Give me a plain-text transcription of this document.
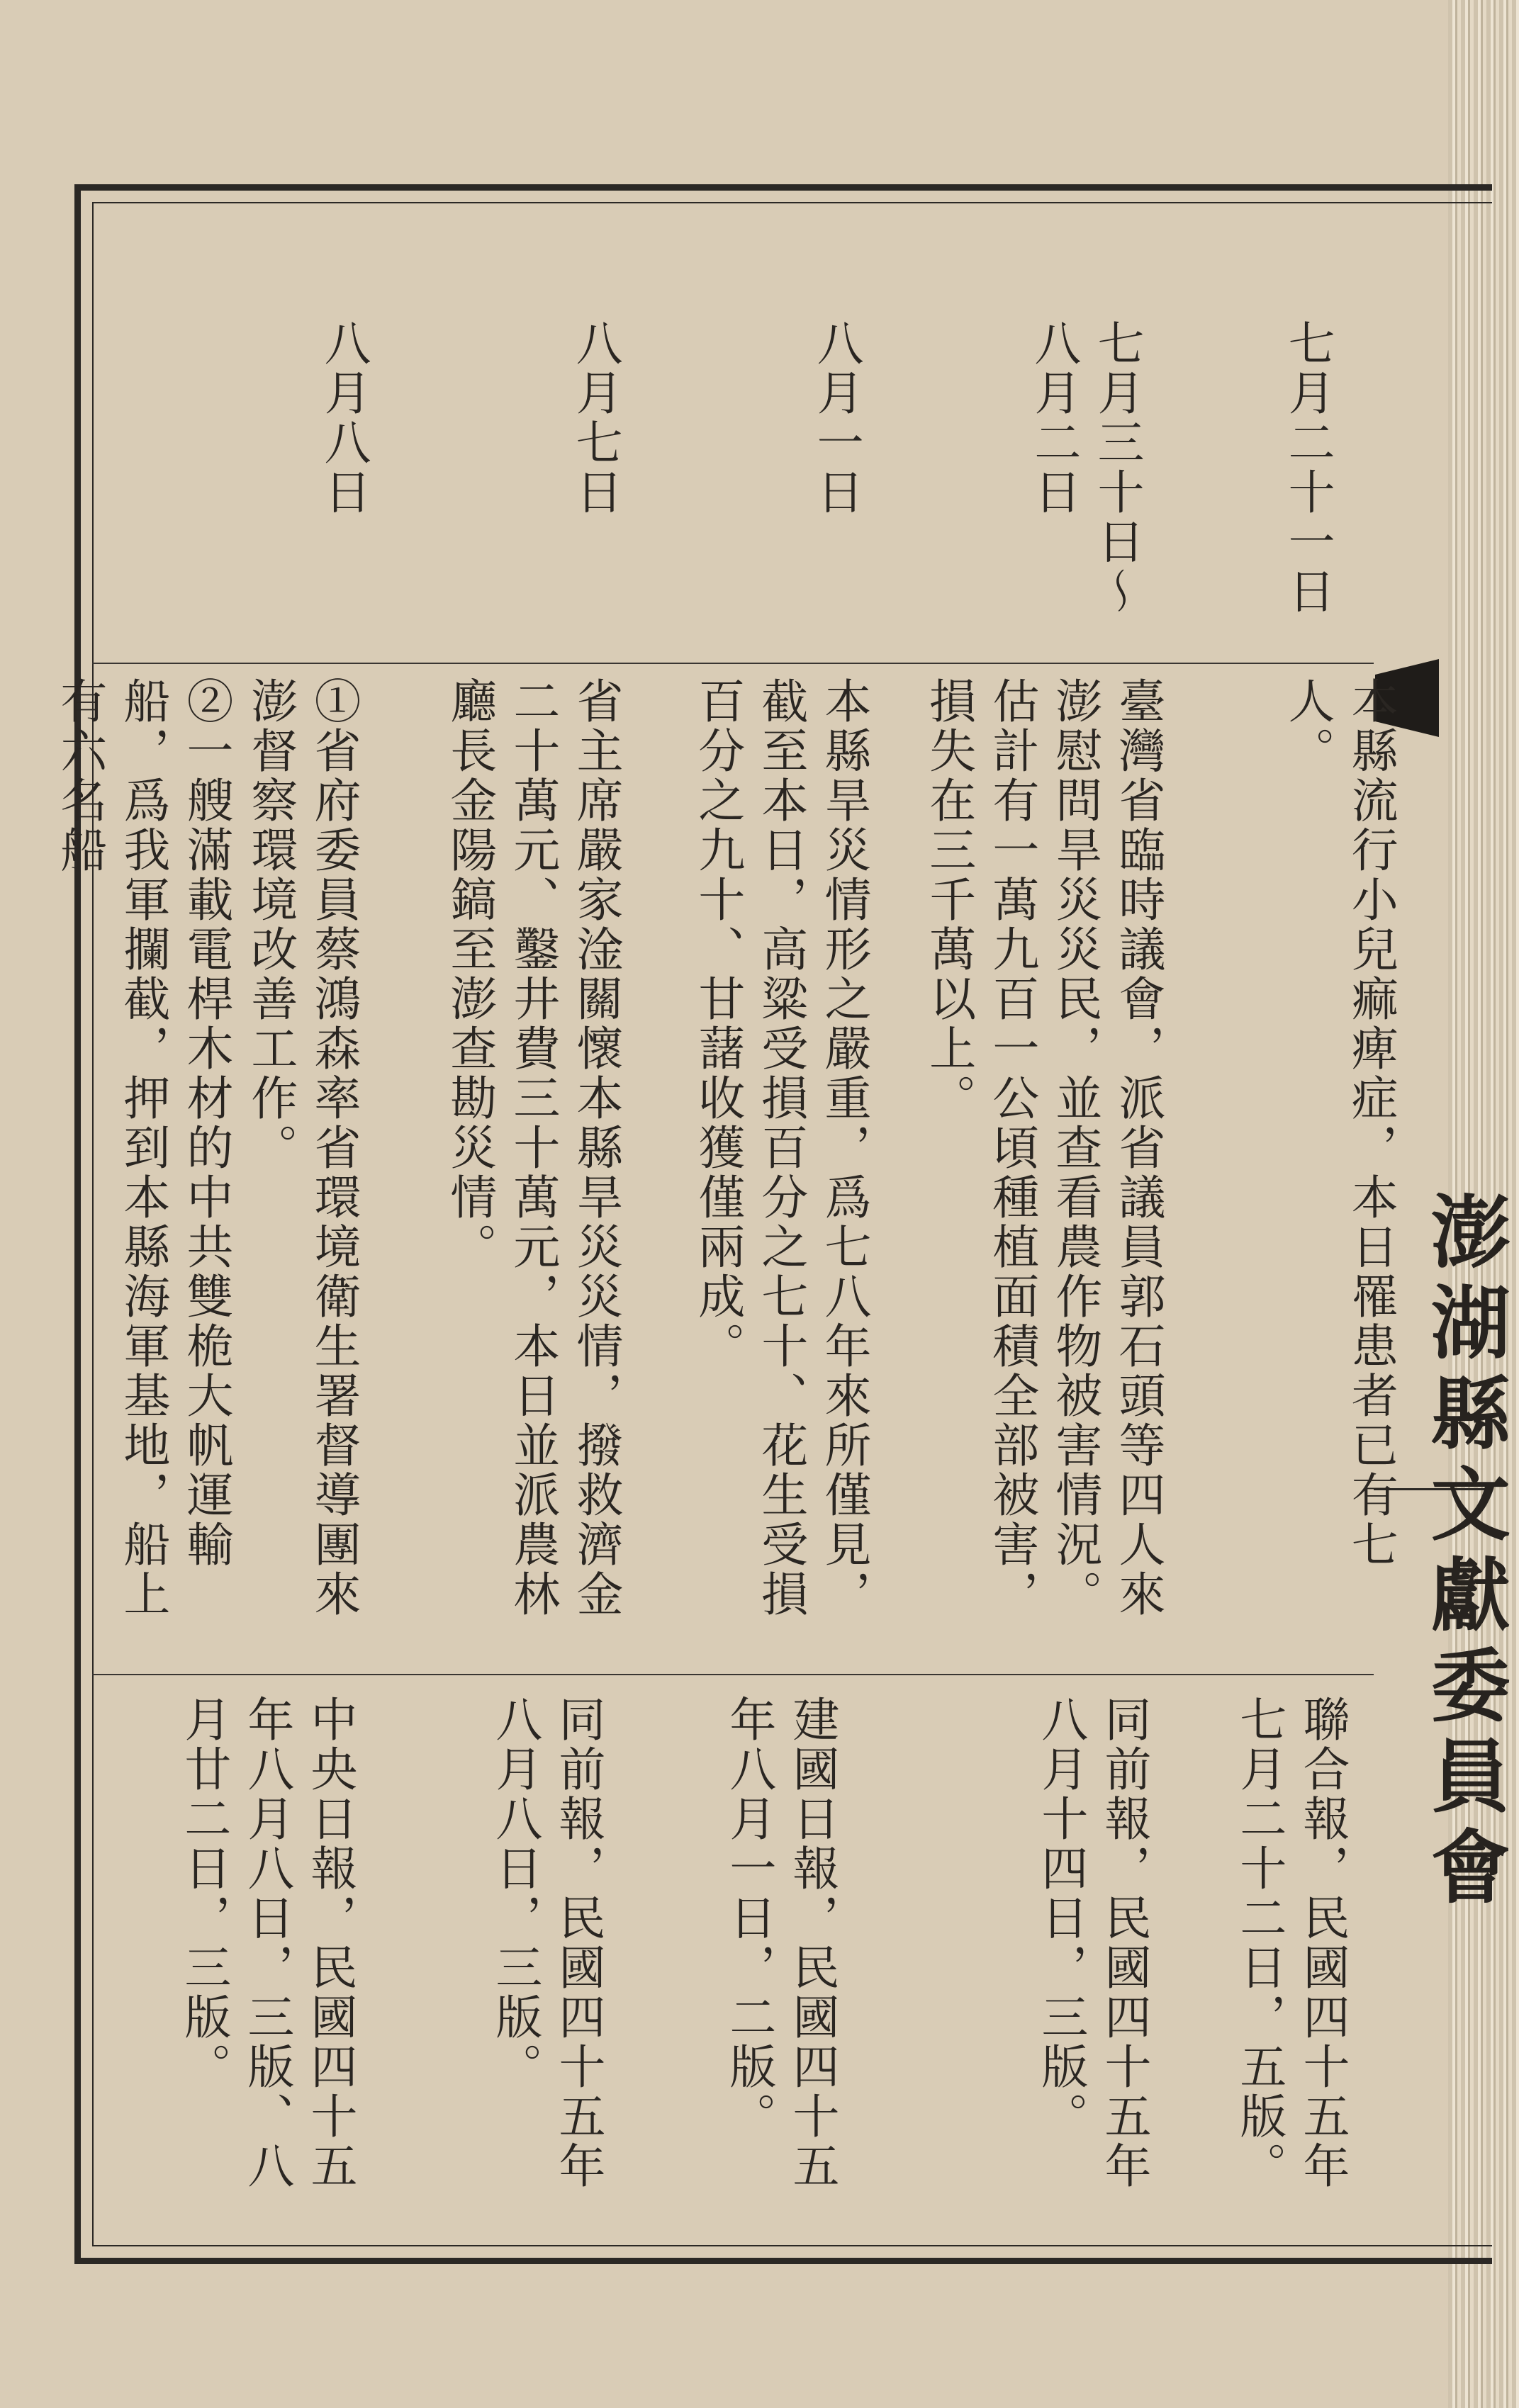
澎湖縣文獻委員會
七月二十一日
本縣流行小兒痲痺症，本日罹患者已有七人。
聯合報，民國四十五年七月二十二日，五版。
七月三十日〜八月二日
臺灣省臨時議會，派省議員郭石頭等四人來澎慰問旱災災民，並查看農作物被害情況。估計有一萬九百一公頃種植面積全部被害，損失在三千萬以上。
同前報，民國四十五年八月十四日，三版。
八月一日
本縣旱災情形之嚴重，爲七八年來所僅見，截至本日，高粱受損百分之七十、花生受損百分之九十、甘藷收獲僅兩成。
建國日報，民國四十五年八月一日，二版。
八月七日
省主席嚴家淦關懷本縣旱災災情，撥救濟金二十萬元、鑿井費三十萬元，本日並派農林廳長金陽鎬至澎查勘災情。
同前報，民國四十五年八月八日，三版。
八月八日
①省府委員蔡鴻森率省環境衛生署督導團來澎督察環境改善工作。
②一艘滿載電桿木材的中共雙桅大帆運輸船，爲我軍攔截，押到本縣海軍基地，船上有六名船
中央日報，民國四十五年八月八日，三版、八月廿二日，三版。
